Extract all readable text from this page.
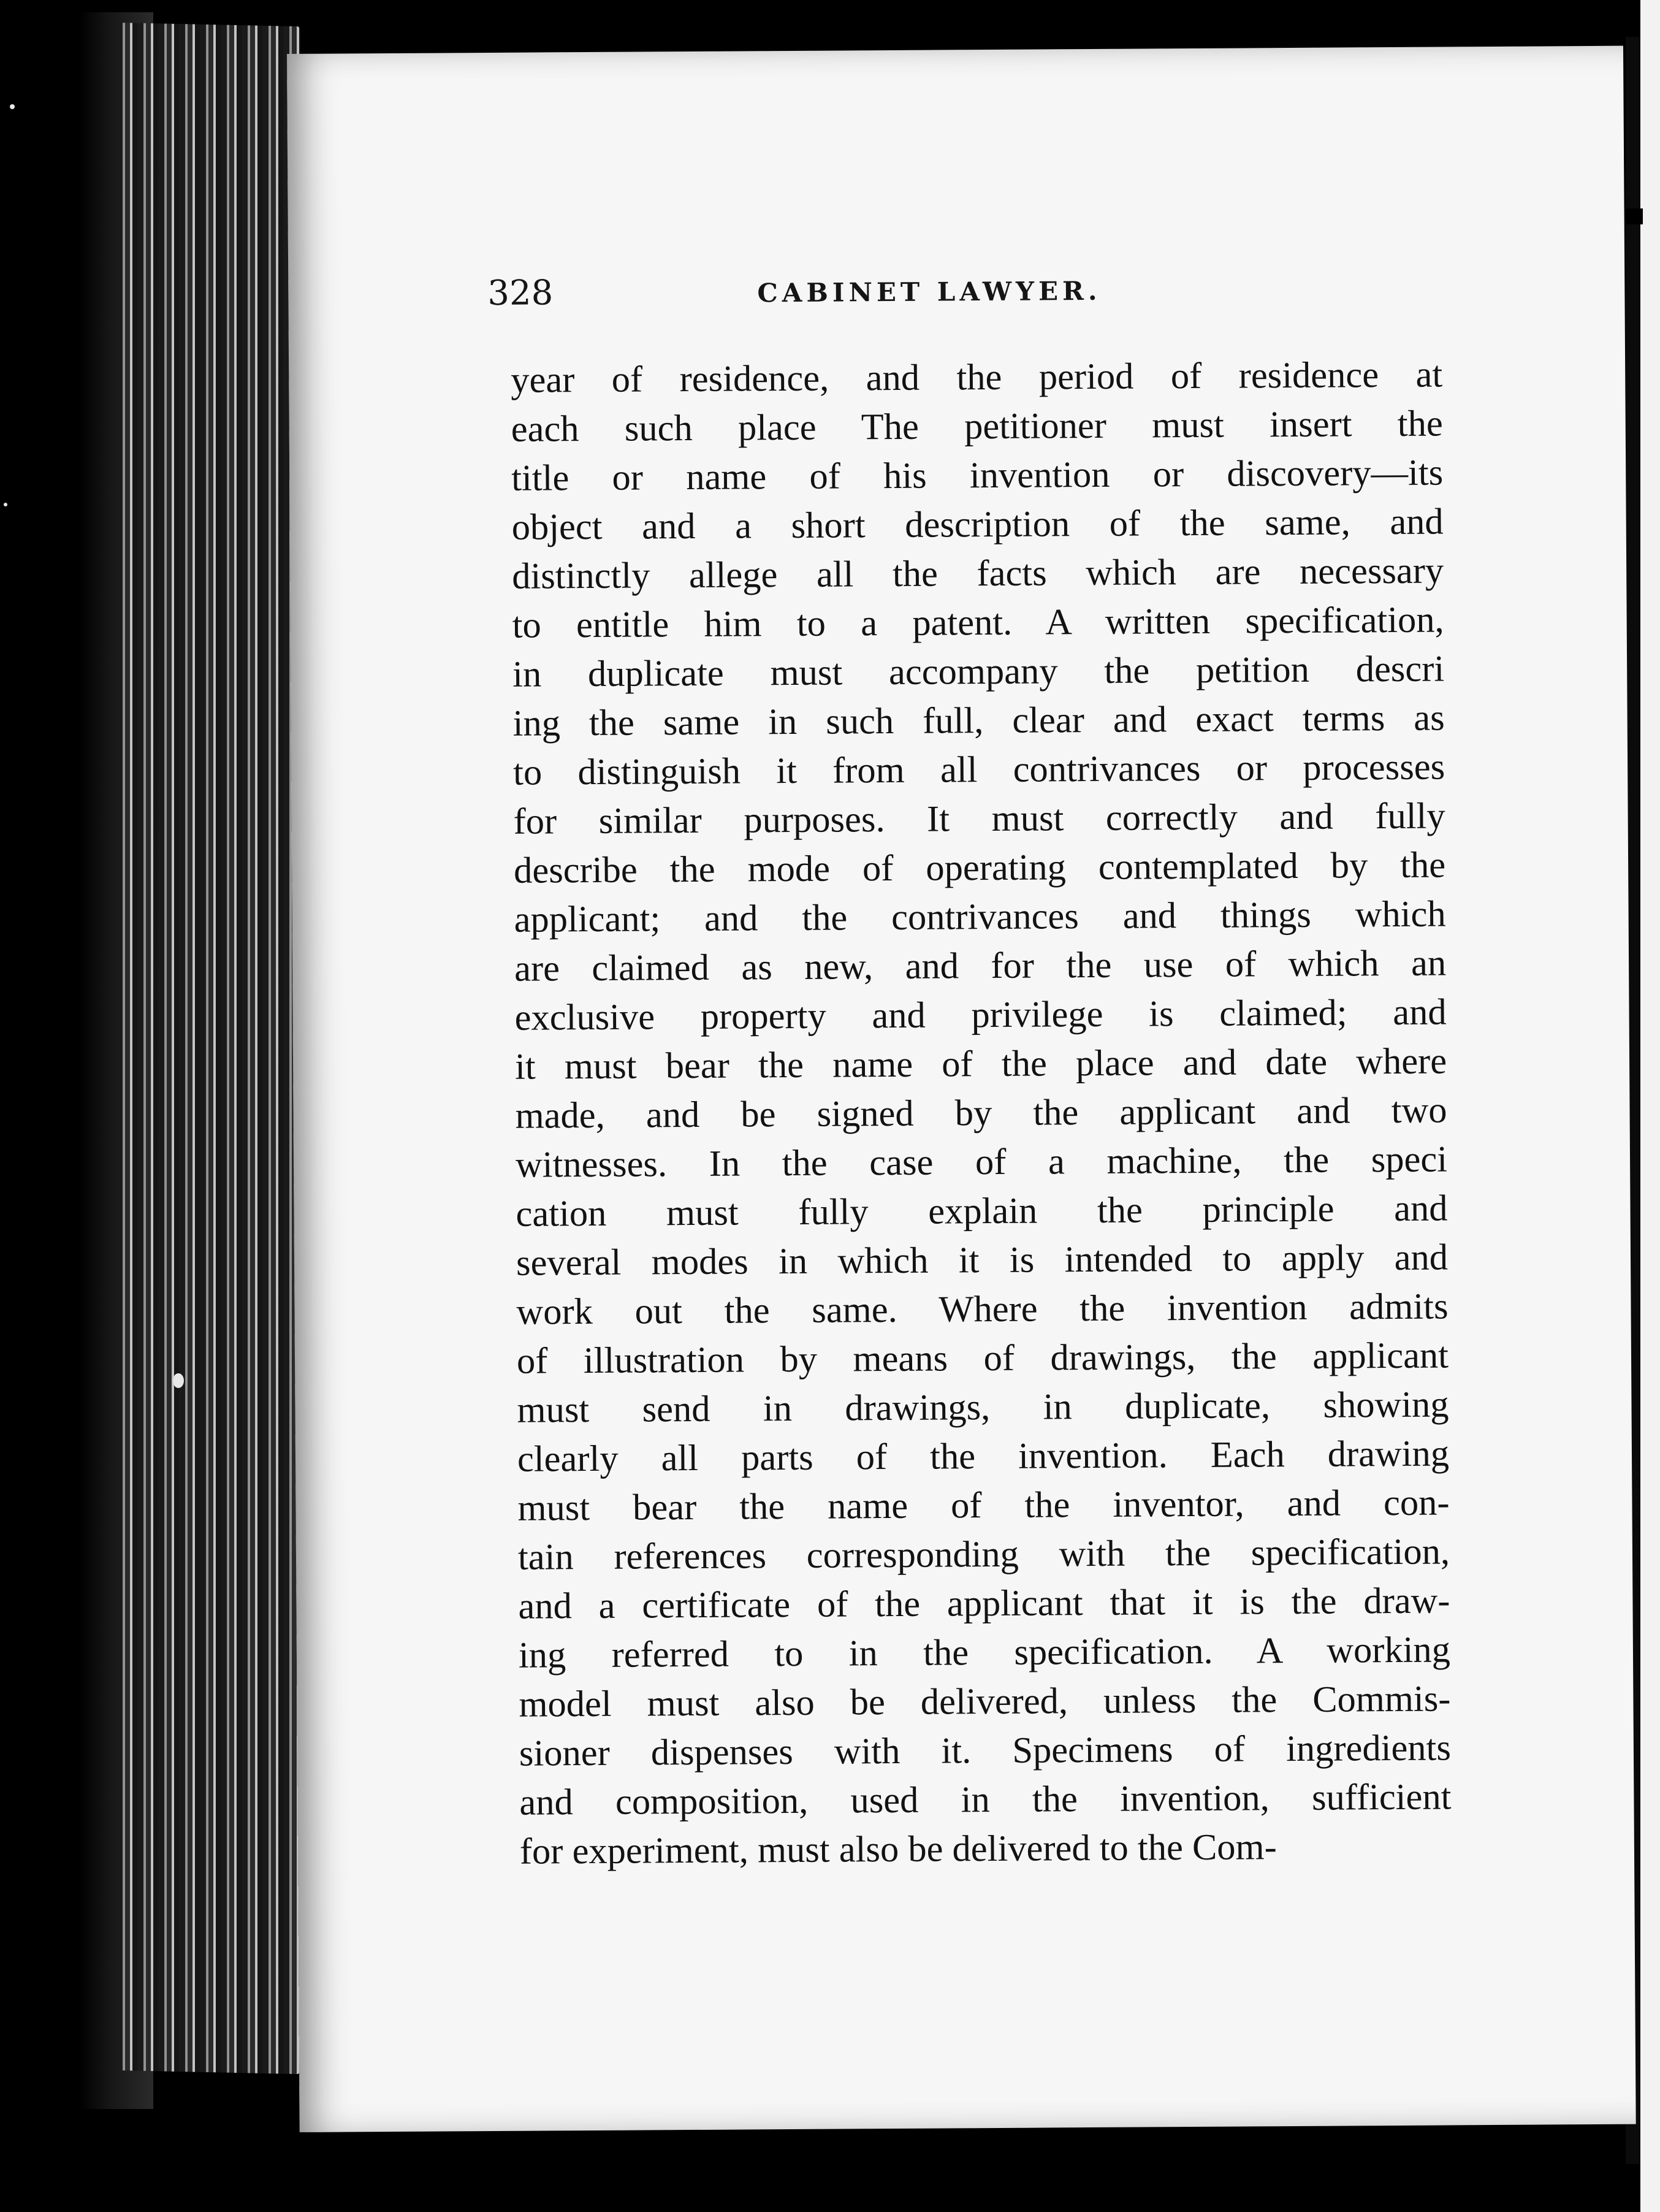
328	CABINET LAWYER.
year of residence, and the period of residence at
each such place The petitioner must insert the
title or name of his invention or discovery—its
object and a short description of the same, and
distinctly allege all the facts which are necessary
to entitle him to a patent. A written specification,
in duplicate must accompany the petition descri
ing the same in such full, clear and exact terms as
to distinguish it from all contrivances or processes
for similar purposes. It must correctly and fully
describe the mode of operating contemplated by the
applicant; and the contrivances and things which
are claimed as new, and for the use of which an
exclusive property and privilege is claimed; and
it must bear the name of the place and date where
made, and be signed by the applicant and two
witnesses. In the case of a machine, the speci
cation must fully explain the principle and
several modes in which it is intended to apply and
work out the same. Where the invention admits
of illustration by means of drawings, the applicant
must send in drawings, in duplicate, showing
clearly all parts of the invention. Each drawing
must bear the name of the inventor, and con-
tain references corresponding with the specification,
and a certificate of the applicant that it is the draw-
ing referred to in the specification. A working
model must also be delivered, unless the Commis-
sioner dispenses with it. Specimens of ingredients
and composition, used in the invention, sufficient
for experiment, must also be delivered to the Com-
